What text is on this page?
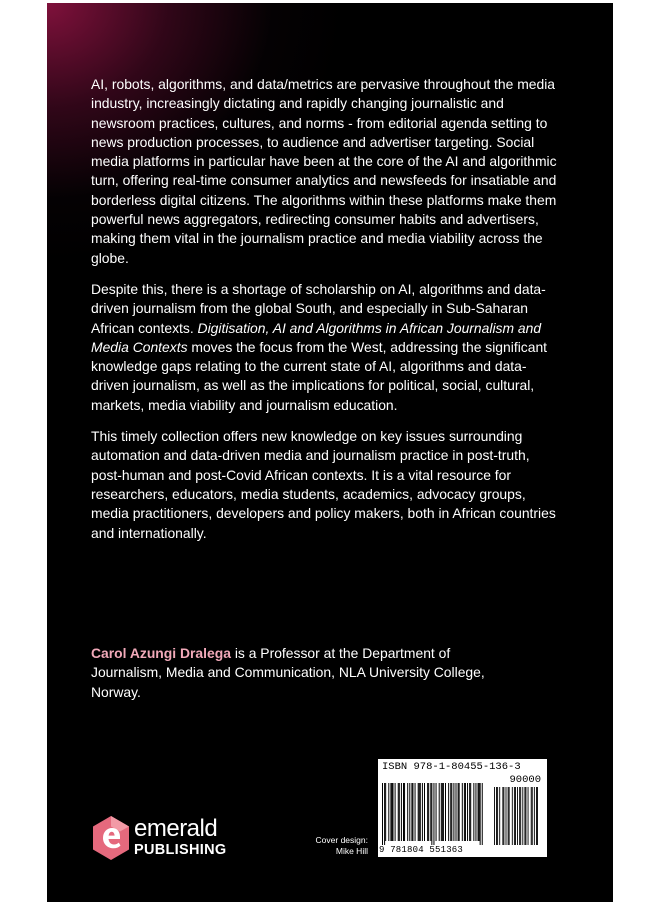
AI, robots, algorithms, and data/metrics are pervasive throughout the media industry, increasingly dictating and rapidly changing journalistic and newsroom practices, cultures, and norms - from editorial agenda setting to news production processes, to audience and advertiser targeting. Social media platforms in particular have been at the core of the AI and algorithmic turn, offering real-time consumer analytics and newsfeeds for insatiable and borderless digital citizens. The algorithms within these platforms make them powerful news aggregators, redirecting consumer habits and advertisers, making them vital in the journalism practice and media viability across the globe.

Despite this, there is a shortage of scholarship on AI, algorithms and data-driven journalism from the global South, and especially in Sub-Saharan African contexts. Digitisation, AI and Algorithms in African Journalism and Media Contexts moves the focus from the West, addressing the significant knowledge gaps relating to the current state of AI, algorithms and data-driven journalism, as well as the implications for political, social, cultural, markets, media viability and journalism education.

This timely collection offers new knowledge on key issues surrounding automation and data-driven media and journalism practice in post-truth, post-human and post-Covid African contexts. It is a vital resource for researchers, educators, media students, academics, advocacy groups, media practitioners, developers and policy makers, both in African countries and internationally.

Carol Azungi Dralega is a Professor at the Department of Journalism, Media and Communication, NLA University College, Norway.
emerald
PUBLISHING
Cover design:
Mike Hill
ISBN 978-1-80455-136-3
90000
9 781804 551363
